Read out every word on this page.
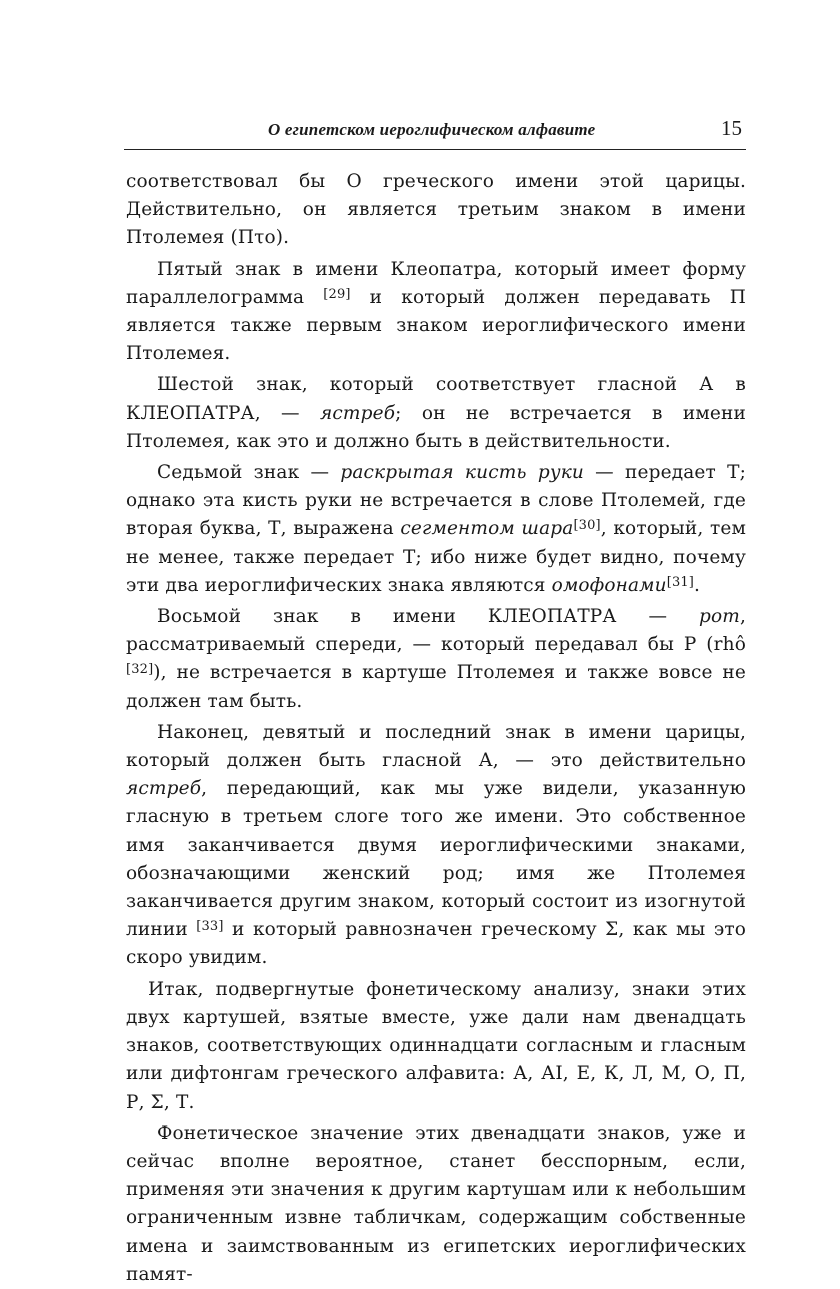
О египетском иероглифическом алфавите	15

соответствовал бы О греческого имени этой царицы. Действительно, он является третьим знаком в имени Птолемея (Пτo).

Пятый знак в имени Клеопатра, который имеет форму параллелограмма [29] и который должен передавать П является также первым знаком иероглифического имени Птолемея.

Шестой знак, который соответствует гласной А в КЛЕОПАТРА, — ястреб; он не встречается в имени Птолемея, как это и должно быть в действительности.

Седьмой знак — раскрытая кисть руки — передает Т; однако эта кисть руки не встречается в слове Птолемей, где вторая буква, Т, выражена сегментом шара[30], который, тем не менее, также передает Т; ибо ниже будет видно, почему эти два иероглифических знака являются омофонами[31].

Восьмой знак в имени КЛЕОПАТРА — рот, рассматриваемый спереди, — который передавал бы Р (rhô [32]), не встречается в картуше Птолемея и также вовсе не должен там быть.

Наконец, девятый и последний знак в имени царицы, который должен быть гласной А, — это действительно ястреб, передающий, как мы уже видели, указанную гласную в третьем слоге того же имени. Это собственное имя заканчивается двумя иероглифическими знаками, обозначающими женский род; имя же Птолемея заканчивается другим знаком, который состоит из изогнутой линии [33] и который равнозначен греческому Σ, как мы это скоро увидим.

Итак, подвергнутые фонетическому анализу, знаки этих двух картушей, взятые вместе, уже дали нам двенадцать знаков, соответствующих одиннадцати согласным и гласным или дифтонгам греческого алфавита: А, АІ, Е, К, Л, М, О, П, Р, Σ, Т.

Фонетическое значение этих двенадцати знаков, уже и сейчас вполне вероятное, станет бесспорным, если, применяя эти значения к другим картушам или к небольшим ограниченным извне табличкам, содержащим собственные имена и заимствованным из египетских иероглифических памят-
